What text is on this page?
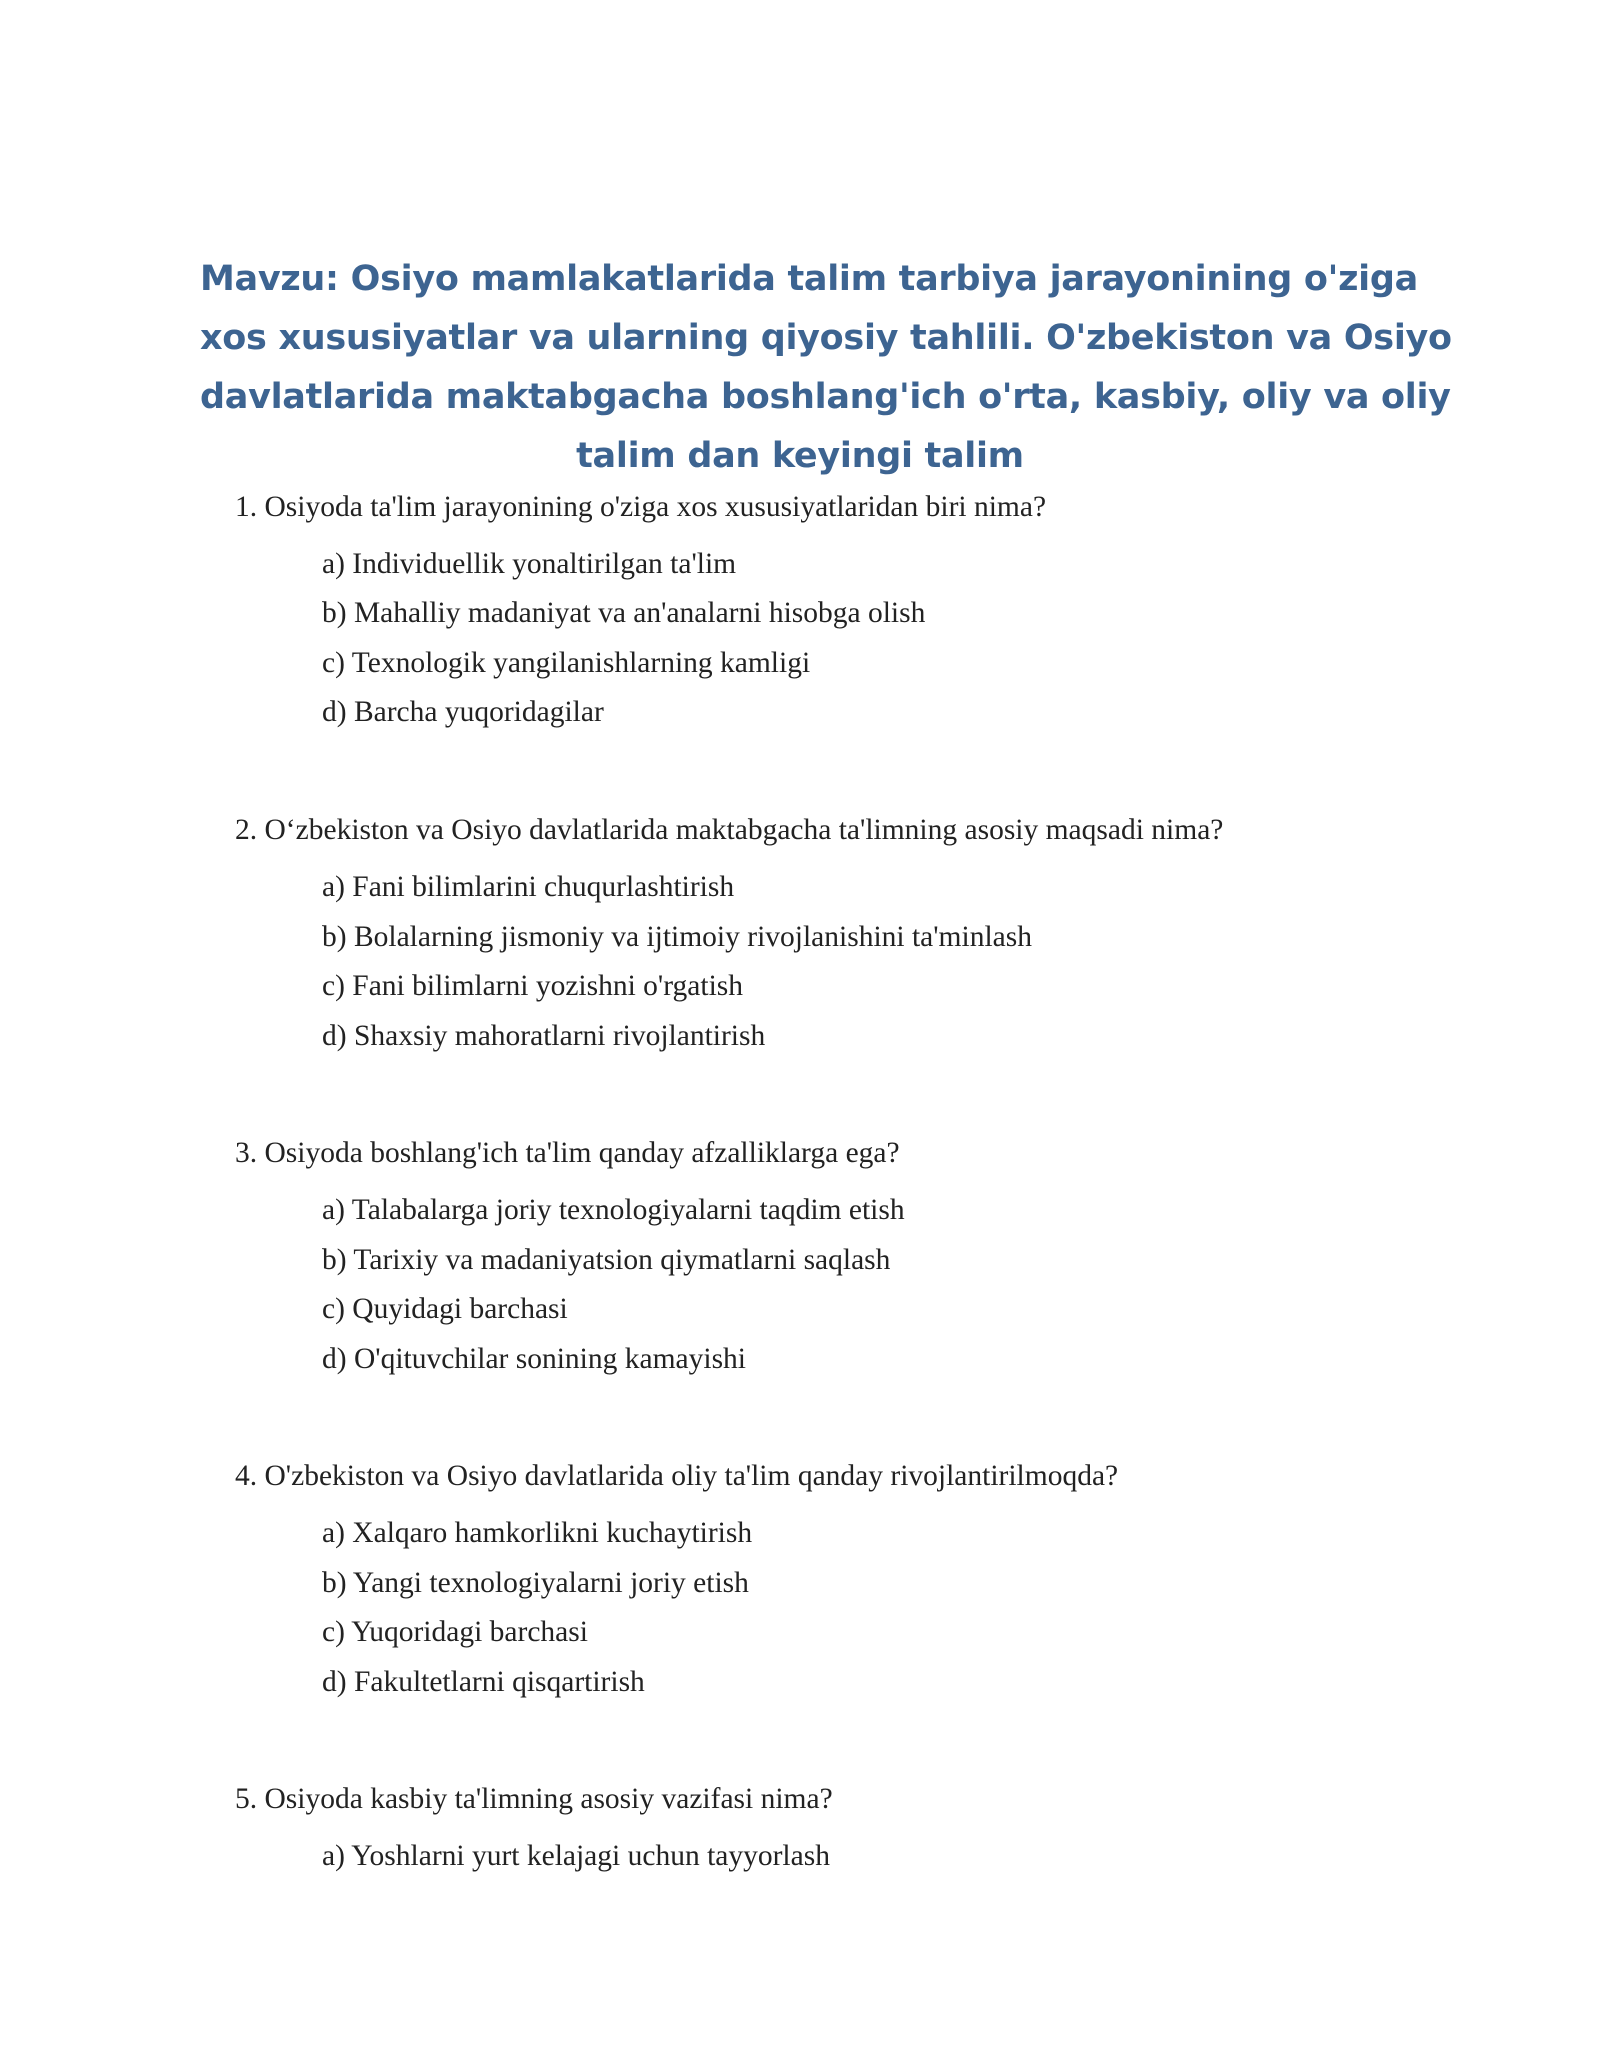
Mavzu: Osiyo mamlakatlarida talim tarbiya jarayonining o'ziga
xos xususiyatlar va ularning qiyosiy tahlili. O'zbekiston va Osiyo
davlatlarida maktabgacha boshlang'ich o'rta, kasbiy, oliy va oliy
talim dan keyingi talim
1. Osiyoda ta'lim jarayonining o'ziga xos xususiyatlaridan biri nima?
a) Individuellik yonaltirilgan ta'lim
b) Mahalliy madaniyat va an'analarni hisobga olish
c) Texnologik yangilanishlarning kamligi
d) Barcha yuqoridagilar
2. O‘zbekiston va Osiyo davlatlarida maktabgacha ta'limning asosiy maqsadi nima?
a) Fani bilimlarini chuqurlashtirish
b) Bolalarning jismoniy va ijtimoiy rivojlanishini ta'minlash
c) Fani bilimlarni yozishni o'rgatish
d) Shaxsiy mahoratlarni rivojlantirish
3. Osiyoda boshlang'ich ta'lim qanday afzalliklarga ega?
a) Talabalarga joriy texnologiyalarni taqdim etish
b) Tarixiy va madaniyatsion qiymatlarni saqlash
c) Quyidagi barchasi
d) O'qituvchilar sonining kamayishi
4. O'zbekiston va Osiyo davlatlarida oliy ta'lim qanday rivojlantirilmoqda?
a) Xalqaro hamkorlikni kuchaytirish
b) Yangi texnologiyalarni joriy etish
c) Yuqoridagi barchasi
d) Fakultetlarni qisqartirish
5. Osiyoda kasbiy ta'limning asosiy vazifasi nima?
a) Yoshlarni yurt kelajagi uchun tayyorlash
